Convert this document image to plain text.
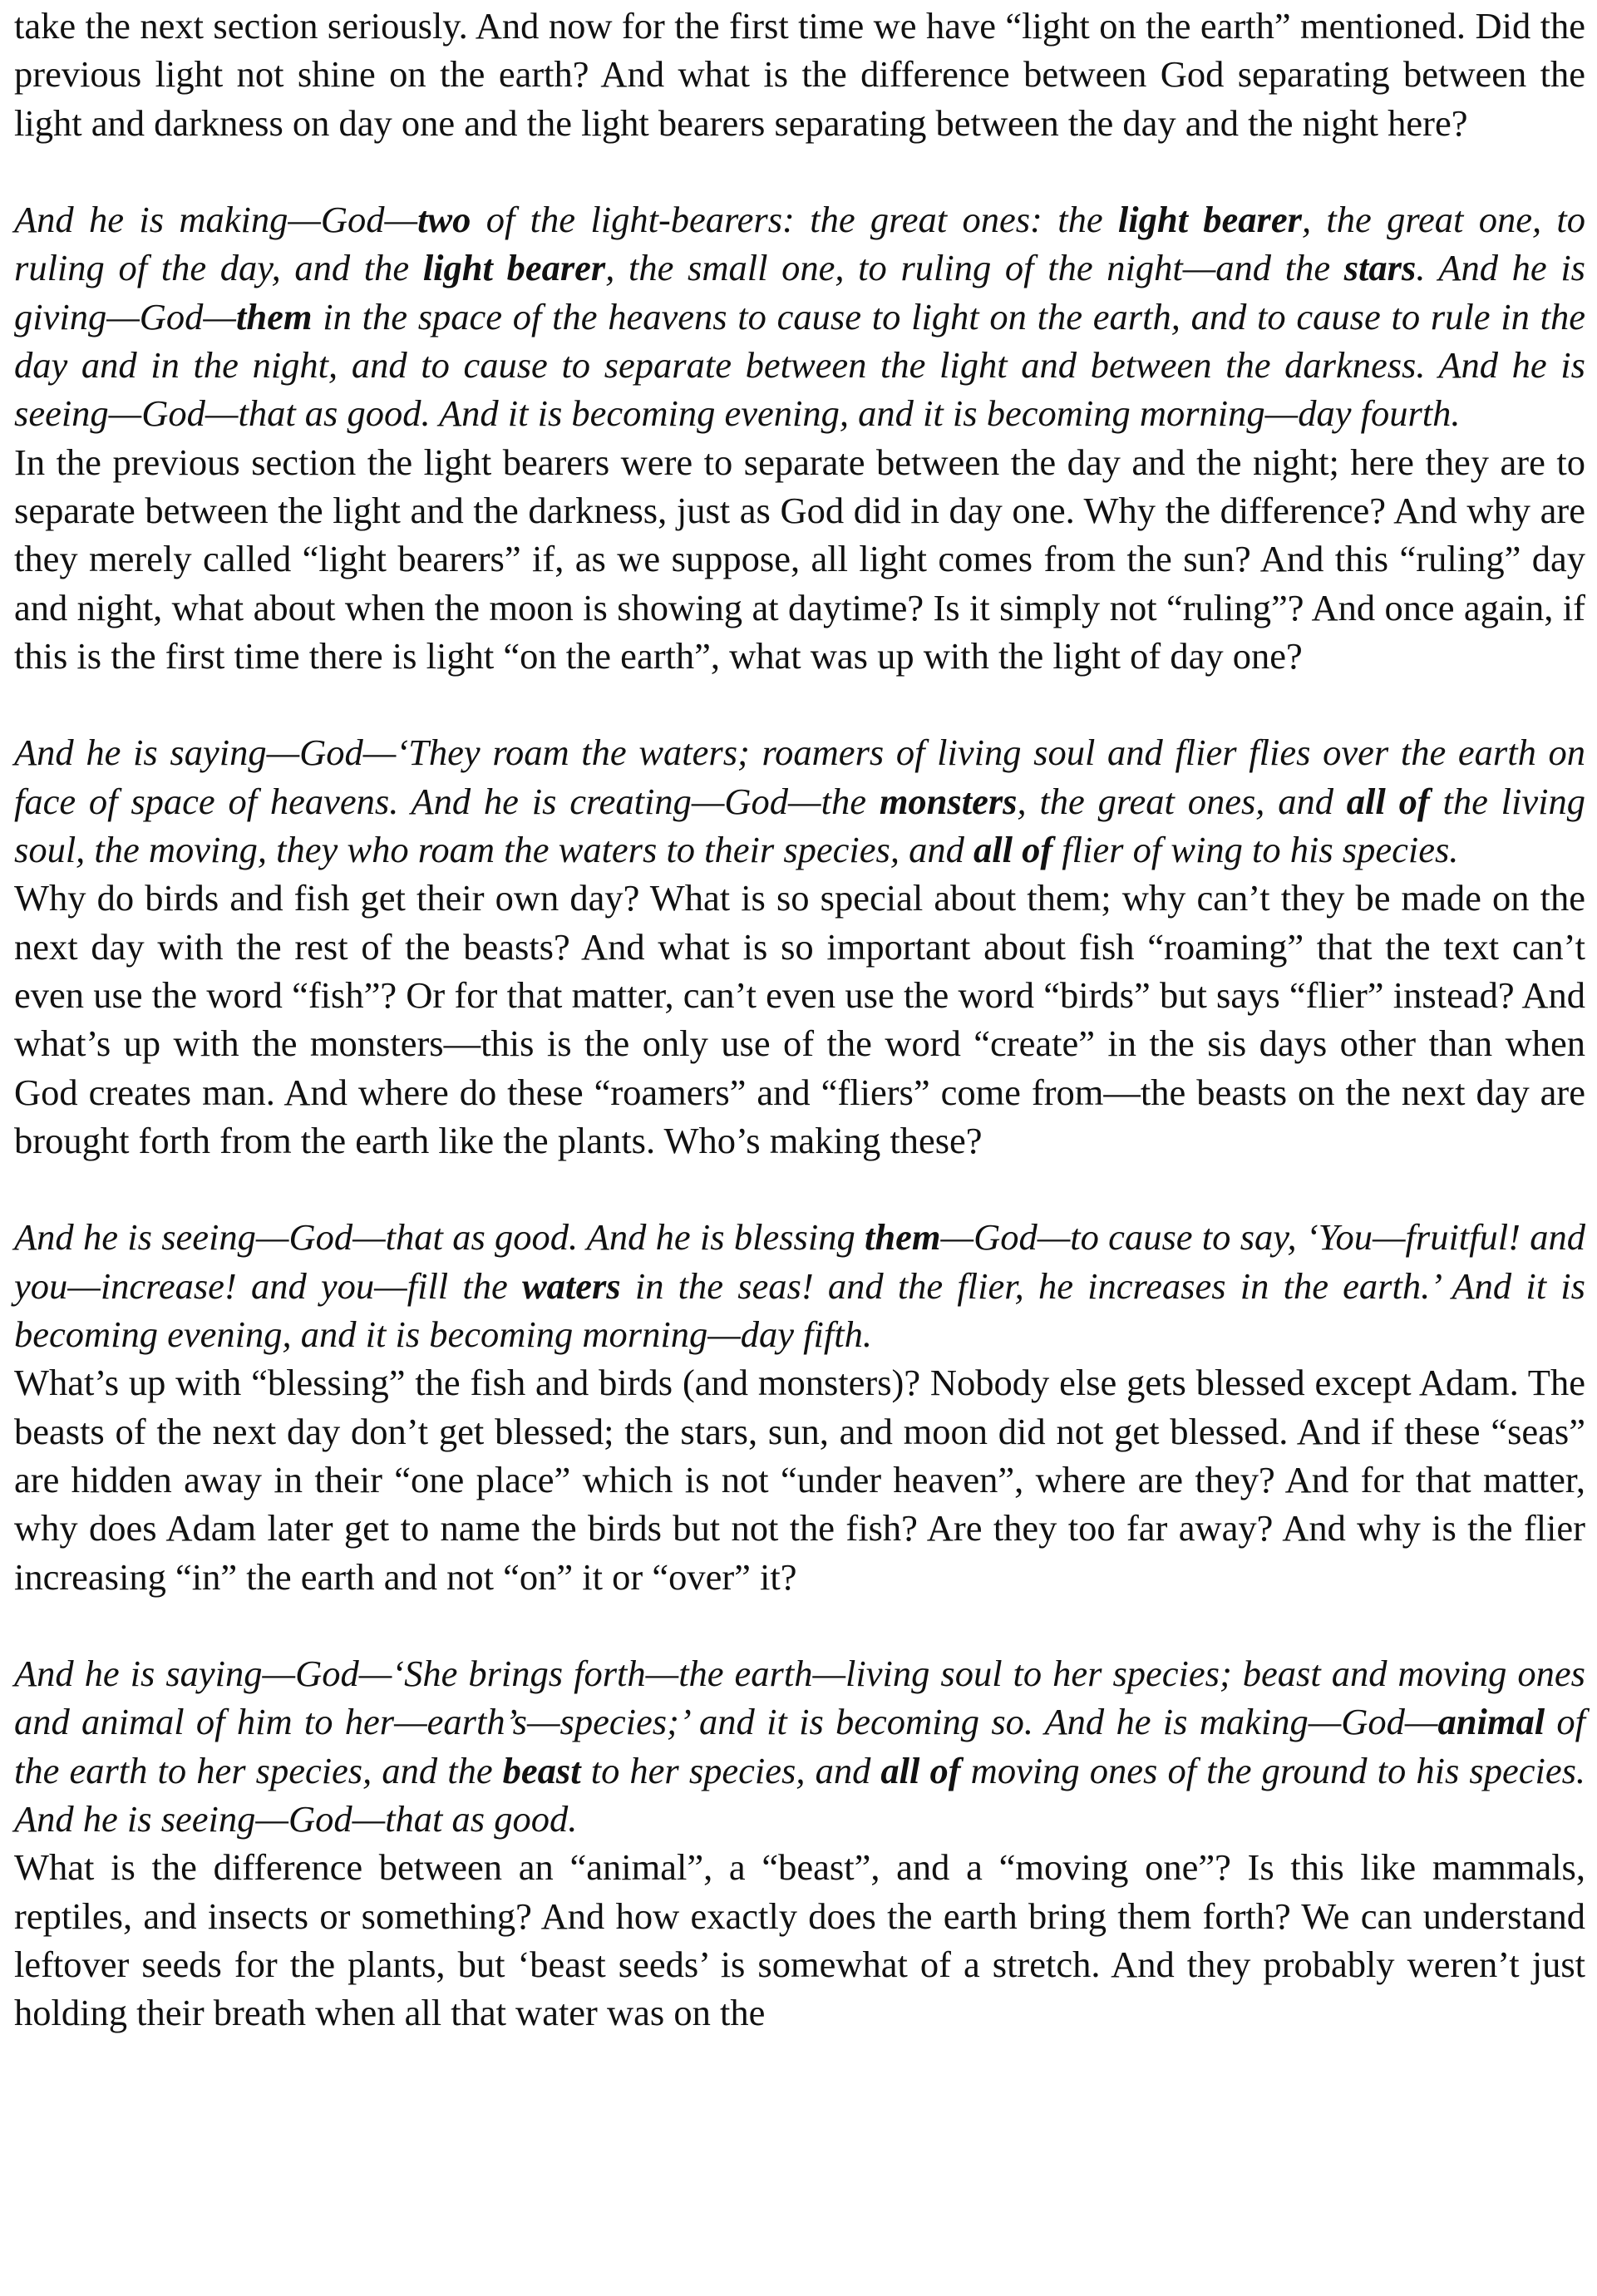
take the next section seriously. And now for the first time we have “light on the earth” mentioned. Did the previous light not shine on the earth? And what is the difference between God separating between the light and darkness on day one and the light bearers separating between the day and the night here?

And he is making—God—two of the light-bearers: the great ones: the light bearer, the great one, to ruling of the day, and the light bearer, the small one, to ruling of the night—and the stars. And he is giving—God—them in the space of the heavens to cause to light on the earth, and to cause to rule in the day and in the night, and to cause to separate between the light and between the darkness. And he is seeing—God—that as good. And it is becoming evening, and it is becoming morning—day fourth.

In the previous section the light bearers were to separate between the day and the night; here they are to separate between the light and the darkness, just as God did in day one. Why the difference? And why are they merely called “light bearers” if, as we suppose, all light comes from the sun? And this “ruling” day and night, what about when the moon is showing at daytime? Is it simply not “ruling”? And once again, if this is the first time there is light “on the earth”, what was up with the light of day one?

And he is saying—God—‘They roam the waters; roamers of living soul and flier flies over the earth on face of space of heavens. And he is creating—God—the monsters, the great ones, and all of the living soul, the moving, they who roam the waters to their species, and all of flier of wing to his species.

Why do birds and fish get their own day? What is so special about them; why can’t they be made on the next day with the rest of the beasts? And what is so important about fish “roaming” that the text can’t even use the word “fish”? Or for that matter, can’t even use the word “birds” but says “flier” instead? And what’s up with the monsters—this is the only use of the word “create” in the sis days other than when God creates man. And where do these “roamers” and “fliers” come from—the beasts on the next day are brought forth from the earth like the plants. Who’s making these?

And he is seeing—God—that as good. And he is blessing them—God—to cause to say, ‘You—fruitful! and you—increase! and you—fill the waters in the seas! and the flier, he increases in the earth.’ And it is becoming evening, and it is becoming morning—day fifth.

What’s up with “blessing” the fish and birds (and monsters)? Nobody else gets blessed except Adam. The beasts of the next day don’t get blessed; the stars, sun, and moon did not get blessed. And if these “seas” are hidden away in their “one place” which is not “under heaven”, where are they? And for that matter, why does Adam later get to name the birds but not the fish? Are they too far away? And why is the flier increasing “in” the earth and not “on” it or “over” it?

And he is saying—God—‘She brings forth—the earth—living soul to her species; beast and moving ones and animal of him to her—earth’s—species;’ and it is becoming so. And he is making—God—animal of the earth to her species, and the beast to her species, and all of moving ones of the ground to his species. And he is seeing—God—that as good.

What is the difference between an “animal”, a “beast”, and a “moving one”? Is this like mammals, reptiles, and insects or something? And how exactly does the earth bring them forth? We can understand leftover seeds for the plants, but ‘beast seeds’ is somewhat of a stretch. And they probably weren’t just holding their breath when all that water was on the
